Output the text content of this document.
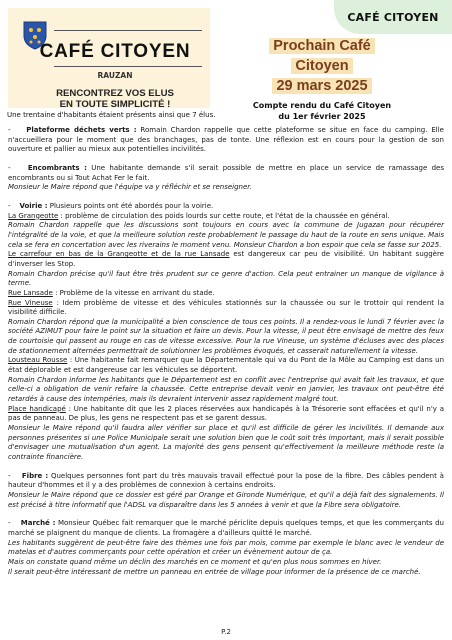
CAFÉ CITOYEN
CAFÉ CITOYEN
RAUZAN
RENCONTREZ VOS ELUS
EN TOUTE SIMPLICITÉ !
Prochain Café
Citoyen
29 mars 2025
Compte rendu du Café Citoyen
du 1er février 2025
Une trentaine d'habitants étaient présents ainsi que 7 élus.

-    Plateforme déchets verts : Romain Chardon rappelle que cette plateforme se situe en face du camping. Elle n'accueillera pour le moment que des branchages, pas de tonte. Une réflexion est en cours pour la gestion de son ouverture et pallier au mieux aux potentielles incivilités.

-    Encombrants : Une habitante demande s'il serait possible de mettre en place un service de ramassage des encombrants ou si Tout Achat Fer le fait.

Monsieur le Maire répond que l'équipe va y réfléchir et se renseigner.

-    Voirie : Plusieurs points ont été abordés pour la voirie.

La Grangeotte : problème de circulation des poids lourds sur cette route, et l'état de la chaussée en général.

Romain Chardon rappelle que les discussions sont toujours en cours avec la commune de Jugazan pour récupérer l'intégralité de la voie, et que la meilleure solution reste probablement le passage du haut de la route en sens unique. Mais cela se fera en concertation avec les riverains le moment venu. Monsieur Chardon a bon espoir que cela se fasse sur 2025.

Le carrefour en bas de la Grangeotte et de la rue Lansade est dangereux car peu de visibilité. Un habitant suggère d'inverser les Stop.

Romain Chardon précise qu'il faut être très prudent sur ce genre d'action. Cela peut entrainer un manque de vigilance à terme.

Rue Lansade : Problème de la vitesse en arrivant du stade.

Rue Vineuse : Idem problème de vitesse et des véhicules stationnés sur la chaussée ou sur le trottoir qui rendent la visibilité difficile.

Romain Chardon répond que la municipalité a bien conscience de tous ces points. Il a rendez-vous le lundi 7 février avec la société AZIMUT pour faire le point sur la situation et faire un devis. Pour la vitesse, il peut être envisagé de mettre des feux de courtoisie qui passent au rouge en cas de vitesse excessive. Pour la rue Vineuse, un système d'écluses avec des places de stationnement alternées permettrait de solutionner les problèmes évoqués, et casserait naturellement la vitesse.

Lousteau Rousse : Une habitante fait remarquer que la Départementale qui va du Pont de la Môle au Camping est dans un état déplorable et est dangereuse car les véhicules se déportent.

Romain Chardon informe les habitants que le Département est en conflit avec l'entreprise qui avait fait les travaux, et que celle-ci a obligation de venir refaire la chaussée. Cette entreprise devait venir en janvier, les travaux ont peut-être été retardés à cause des intempéries, mais ils devraient intervenir assez rapidement malgré tout.

Place handicapé : Une habitante dit que les 2 places réservées aux handicapés à la Trésorerie sont effacées et qu'il n'y a pas de panneau. De plus, les gens ne respectent pas et se garent dessus.

Monsieur le Maire répond qu'il faudra aller vérifier sur place et qu'il est difficile de gérer les incivilités. Il demande aux personnes présentes si une Police Municipale serait une solution bien que le coût soit très important, mais il serait possible d'envisager une mutualisation d'un agent. La majorité des gens pensent qu'effectivement la meilleure méthode reste la contrainte financière.

-    Fibre : Quelques personnes font part du très mauvais travail effectué pour la pose de la fibre. Des câbles pendent à hauteur d'hommes et il y a des problèmes de connexion à certains endroits.

Monsieur le Maire répond que ce dossier est géré par Orange et Gironde Numérique, et qu'il a déjà fait des signalements. Il est précisé à titre informatif que l'ADSL va disparaître dans les 5 années à venir et que la Fibre sera obligatoire.

-    Marché : Monsieur Québec fait remarquer que le marché périclite depuis quelques temps, et que les commerçants du marché se plaignent du manque de clients. La fromagère a d'ailleurs quitté le marché.

Les habitants suggèrent de peut-être faire des thèmes une fois par mois, comme par exemple le blanc avec le vendeur de matelas et d'autres commerçants pour cette opération et créer un évènement autour de ça.

Mais on constate quand même un déclin des marchés en ce moment et qu'en plus nous sommes en hiver.

Il serait peut-être intéressant de mettre un panneau en entrée de village pour informer de la présence de ce marché.

P.2
